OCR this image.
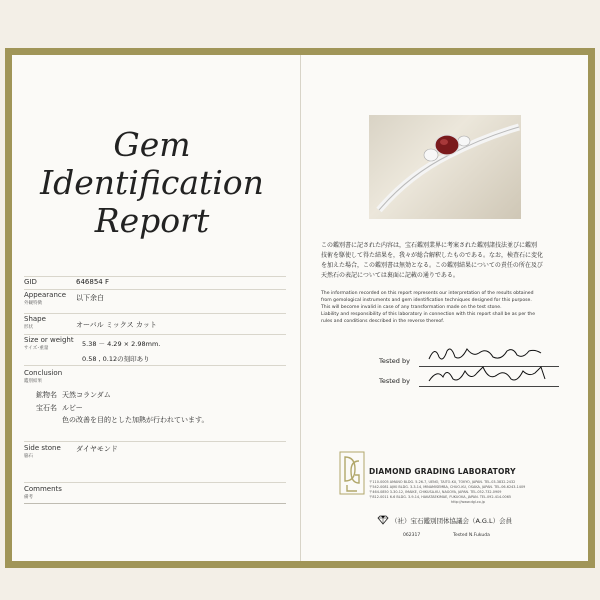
Gem
Identification
Report
GID	646854 F
Appearance
外観特徴
以下余白
Shape
形状	オーバル ミックス カット
Size or weight
サイズ･重量
5.38 － 4.29 × 2.98mm.
0.58 , 0.12の刻印あり
Conclusion
鑑別結果
鉱物名 天然コランダム
宝石名 ルビー
色の改善を目的とした加熱が行われています。
Side stone
脇石
ダイヤモンド
Comments
備考
この鑑別書に記された内容は，宝石鑑別業界に考案された鑑別諸技法並びに鑑別
技術を駆使して得た結果を，我々が総合解釈したものである。なお，検査石に変化
を加えた場合，この鑑別書は無効となる。この鑑別結果についての責任の所在及び
天然石の表記については裏面に記載の通りである。
The information recorded on this report represents our interpretation of the results obtained
from gemological instruments and gem identification techniques designed for this purpose.
This will become invalid in case of any transformation made on the test stone.
Liability and responsibility of this laboratory in connection with this report shall be as per the
rules and conditions described in the reverse thereof.
Tested by
Tested by
DIAMOND GRADING LABORATORY
〒110-0005 AMANO BLDG. 5-26-7, UENO, TAITO-KU, TOKYO, JAPAN. TEL.03-3832-2432
〒542-0081 AJIKI BLDG. 3-3-14, MINAMISEMBA, CHUO-KU, OSAKA, JAPAN. TEL.06-6243-1409
〒464-0850 3-30-12, IMAIKE, CHIKUSA-KU, NAGOYA, JAPAN. TEL.052-732-0909
〒812-0011 6-6 BLDG. 3-9-14, HAKATAEKIMAE, FUKUOKA, JAPAN. TEL.092-414-0065
http://www.dgl.co.jp
（社）宝石鑑別団体協議会（A.G.L）会員
062317	Tested N.Fukuda
